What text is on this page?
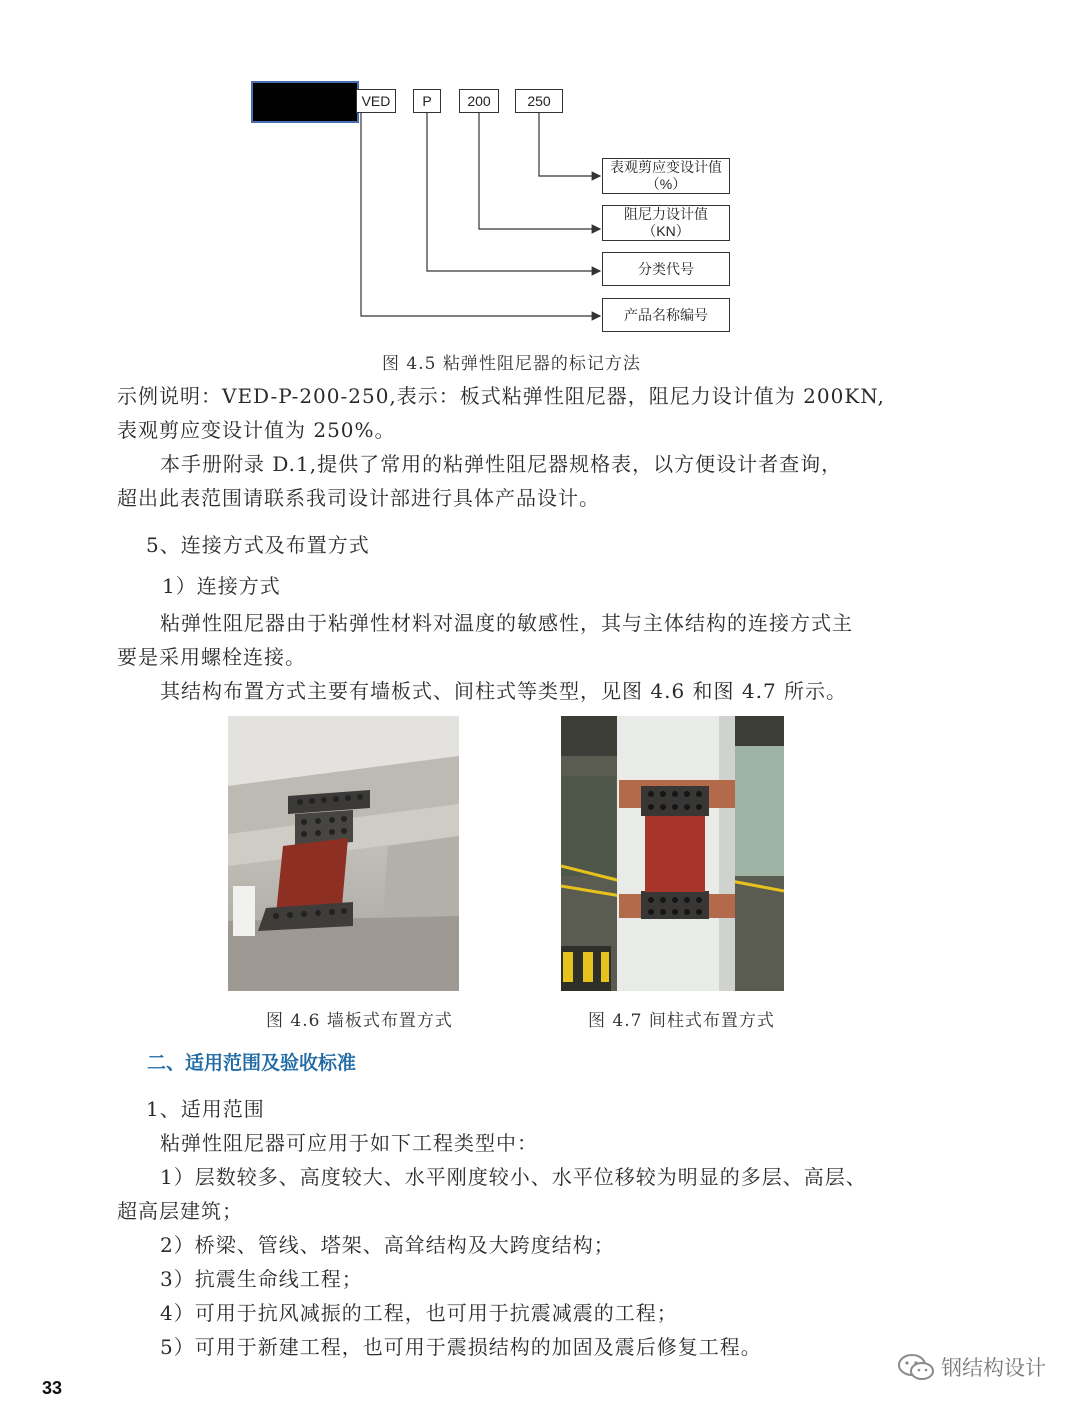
VED	P	200	250
表观剪应变设计值
（%）
阻尼力设计值
（KN）
分类代号
产品名称编号
图 4.5 粘弹性阻尼器的标记方法
示例说明：VED-P-200-250,表示：板式粘弹性阻尼器，阻尼力设计值为 200KN,
表观剪应变设计值为 250%。
本手册附录 D.1,提供了常用的粘弹性阻尼器规格表，以方便设计者查询，
超出此表范围请联系我司设计部进行具体产品设计。
5、连接方式及布置方式
1）连接方式
粘弹性阻尼器由于粘弹性材料对温度的敏感性，其与主体结构的连接方式主
要是采用螺栓连接。
其结构布置方式主要有墙板式、间柱式等类型，见图 4.6 和图 4.7 所示。
图 4.6 墙板式布置方式	图 4.7 间柱式布置方式
二、适用范围及验收标准
1、适用范围
粘弹性阻尼器可应用于如下工程类型中：
1）层数较多、高度较大、水平刚度较小、水平位移较为明显的多层、高层、
超高层建筑；
2）桥梁、管线、塔架、高耸结构及大跨度结构；
3）抗震生命线工程；
4）可用于抗风减振的工程，也可用于抗震减震的工程；
5）可用于新建工程，也可用于震损结构的加固及震后修复工程。
33
钢结构设计
